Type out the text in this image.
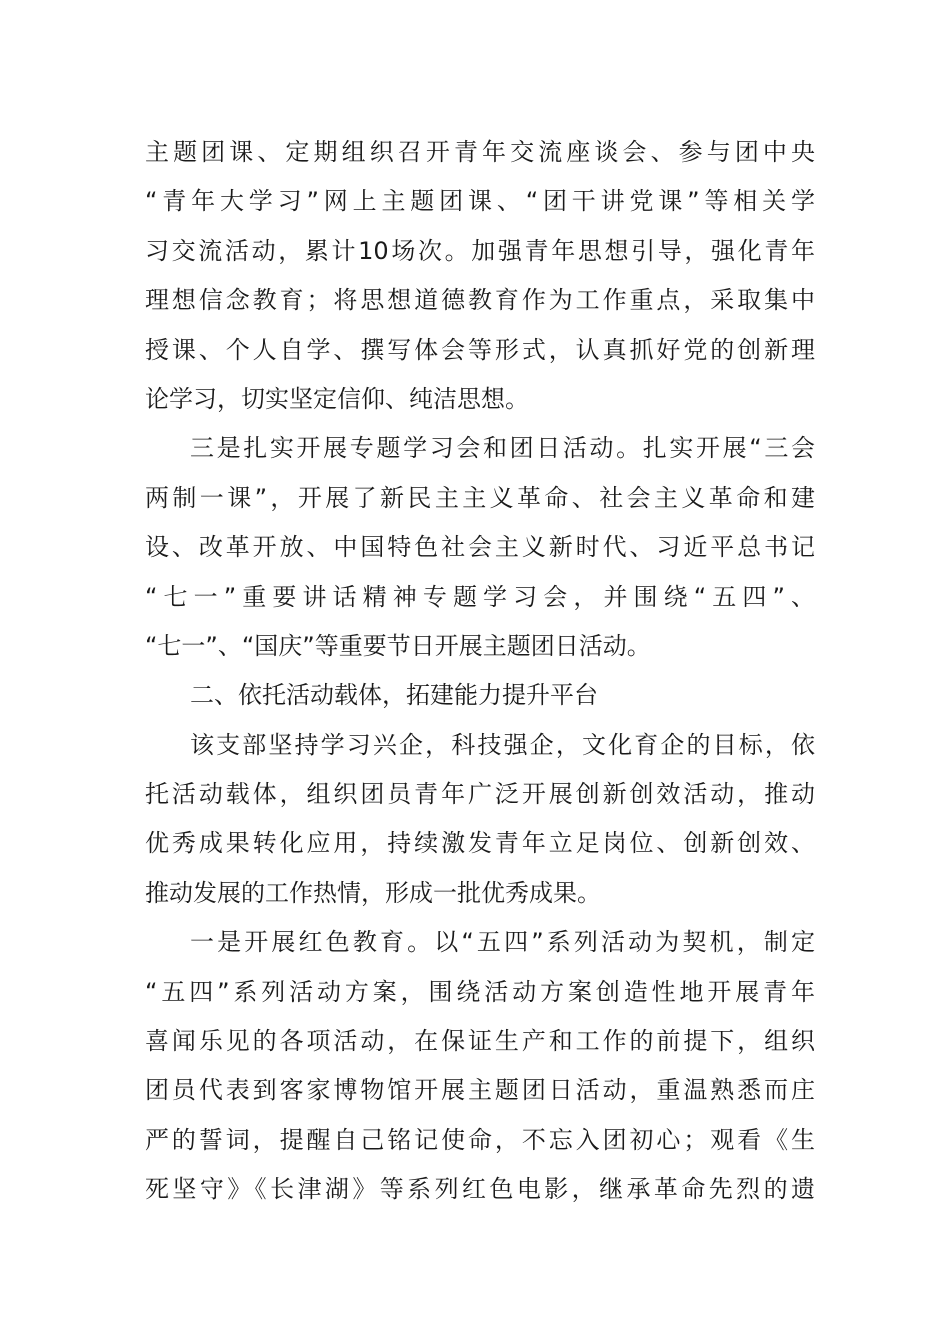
主题团课、定期组织召开青年交流座谈会、参与团中央
“青年大学习”网上主题团课、“团干讲党课”等相关学
习交流活动，累计10场次。加强青年思想引导，强化青年
理想信念教育；将思想道德教育作为工作重点，采取集中
授课、个人自学、撰写体会等形式，认真抓好党的创新理
论学习，切实坚定信仰、纯洁思想。
三是扎实开展专题学习会和团日活动。扎实开展“三会
两制一课”，开展了新民主主义革命、社会主义革命和建
设、改革开放、中国特色社会主义新时代、习近平总书记
“七一”重要讲话精神专题学习会，并围绕“五四”、
“七一”、“国庆”等重要节日开展主题团日活动。
二、依托活动载体，拓建能力提升平台
该支部坚持学习兴企，科技强企，文化育企的目标，依
托活动载体，组织团员青年广泛开展创新创效活动，推动
优秀成果转化应用，持续激发青年立足岗位、创新创效、
推动发展的工作热情，形成一批优秀成果。
一是开展红色教育。以“五四”系列活动为契机，制定
“五四”系列活动方案，围绕活动方案创造性地开展青年
喜闻乐见的各项活动，在保证生产和工作的前提下，组织
团员代表到客家博物馆开展主题团日活动，重温熟悉而庄
严的誓词，提醒自己铭记使命，不忘入团初心；观看《生
死坚守》《长津湖》等系列红色电影，继承革命先烈的遗
